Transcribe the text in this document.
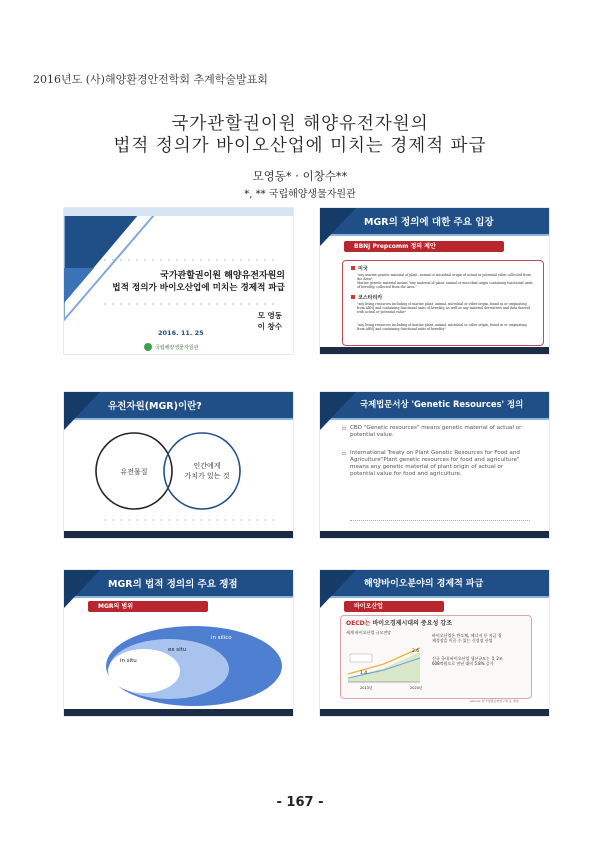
2016년도 (사)해양환경안전학회 추계학술발표회
국가관할권이원 해양유전자원의
법적 정의가 바이오산업에 미치는 경제적 파급
모영동* · 이창수**
*, ** 국립해양생물자원관
국가관할권이원 해양유전자원의
법적 정의가 바이오산업에 미치는 경제적 파급
모 영동
이 창수
2016. 11. 25
국립해양생물자원관
MGR의 정의에 대한 주요 입장
BBNJ Prepcomm 정의 제안
미국
"any marine genetic material of plant, animal or microbial origin of actual or potential value collected from the Area";
Marine genetic material means "any material of plant, animal or microbial origin containing functional units of heredity, collected from the Area."
코스타리카
"any living resources including of marine plant, animal, microbial or other origin, found in or originating from ABNJ and containing functional units of heredity, as well as any material derivatives and data thereof with actual or potential value"
"any living resources including of marine plant, animal, microbial or other origin, found in or originating from ABNJ and containing functional units of heredity"
유전자원(MGR)이란?
유전물질
인간에게
가치가 있는 것
국제법문서상 'Genetic Resources' 정의
▫ CBD "Genetic resources" means genetic material of actual or potential value.
▫ International Treaty on Plant Genetic Resources for Food and Agriculture"Plant genetic resources for food and agriculture" means any genetic material of plant origin of actual or potential value for food and agriculture.
MGR의 법적 정의의 주요 쟁점
MGR의 범위
in silico
ex situ
in situ
해양바이오분야의 경제적 파급
바이오산업
OECD는 바이오경제시대의 중요성 강조
세계 바이오산업 규모전망
1.4
2.6
2013년	2024년
바이오산업은 반도체, 에너지 등 지금 경제성장을 이끌 수 있는 신성장 산업
신규 국내 바이오산업 생산규모는 올 2조 608억원으로 전년 대비 5.8% 증가
source: 한국생명공학연구원 등 재정
- 167 -
